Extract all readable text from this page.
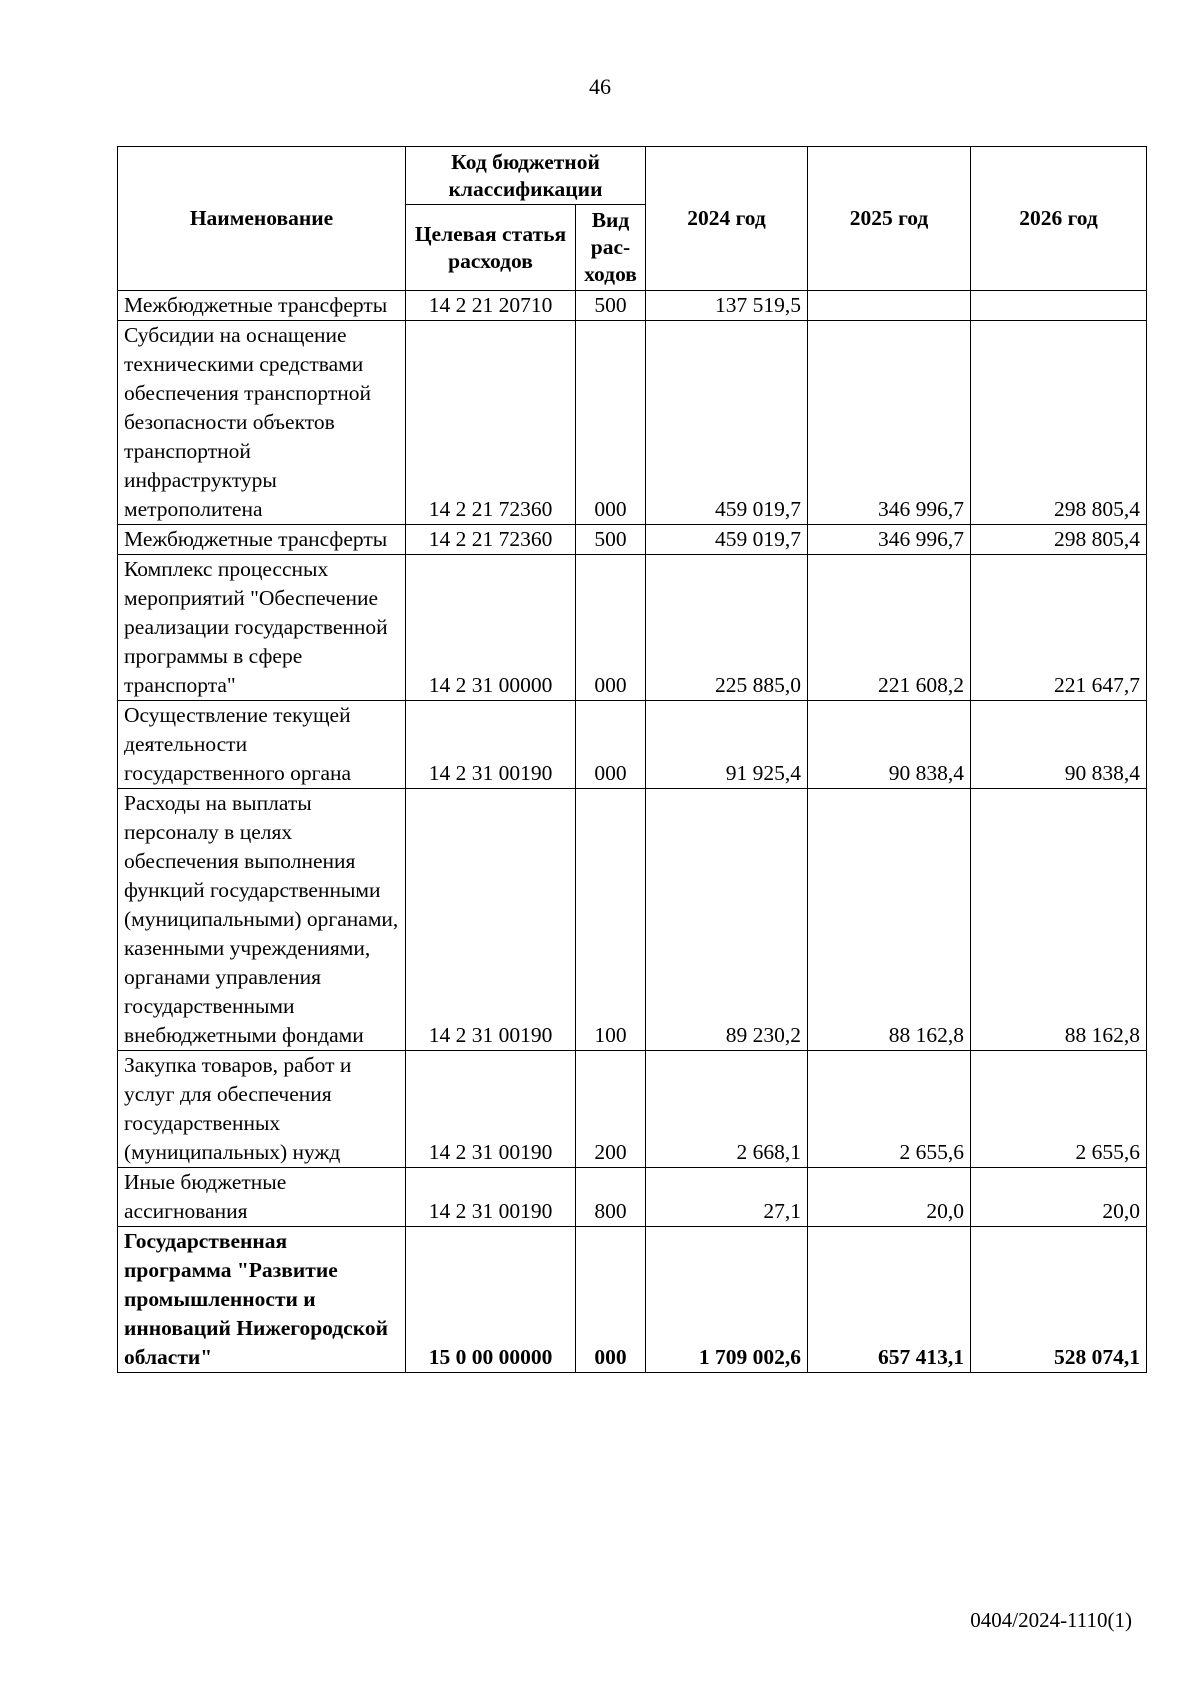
46
Наименование	Код бюджетной классификации		2024 год	2025 год	2026 год
	Целевая статья расходов	Вид рас-ходов			
Межбюджетные трансферты	14 2 21 20710	500	137 519,5		
Субсидии на оснащение техническими средствами обеспечения транспортной безопасности объектов транспортной инфраструктуры метрополитена	14 2 21 72360	000	459 019,7	346 996,7	298 805,4
Межбюджетные трансферты	14 2 21 72360	500	459 019,7	346 996,7	298 805,4
Комплекс процессных мероприятий "Обеспечение реализации государственной программы в сфере транспорта"	14 2 31 00000	000	225 885,0	221 608,2	221 647,7
Осуществление текущей деятельности государственного органа	14 2 31 00190	000	91 925,4	90 838,4	90 838,4
Расходы на выплаты персоналу в целях обеспечения выполнения функций государственными (муниципальными) органами, казенными учреждениями, органами управления государственными внебюджетными фондами	14 2 31 00190	100	89 230,2	88 162,8	88 162,8
Закупка товаров, работ и услуг для обеспечения государственных (муниципальных) нужд	14 2 31 00190	200	2 668,1	2 655,6	2 655,6
Иные бюджетные ассигнования	14 2 31 00190	800	27,1	20,0	20,0
Государственная программа "Развитие промышленности и инноваций Нижегородской области"	15 0 00 00000	000	1 709 002,6	657 413,1	528 074,1
0404/2024-1110(1)
